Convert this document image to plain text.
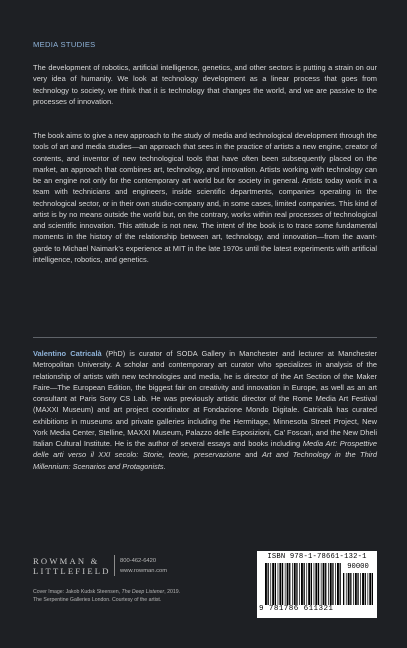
MEDIA STUDIES

The development of robotics, artificial intelligence, genetics, and other sectors is putting a strain on our very idea of humanity. We look at technology development as a linear process that goes from technology to society, we think that it is technology that changes the world, and we are passive to the processes of innovation.

The book aims to give a new approach to the study of media and technological development through the tools of art and media studies—an approach that sees in the practice of artists a new engine, creator of contents, and inventor of new technological tools that have often been subsequently placed on the market, an approach that combines art, technology, and innovation. Artists working with technology can be an engine not only for the contemporary art world but for society in general. Artists today work in a team with technicians and engineers, inside scientific departments, companies operating in the technological sector, or in their own studio-company and, in some cases, limited companies. This kind of artist is by no means outside the world but, on the contrary, works within real processes of technological and scientific innovation. This attitude is not new. The intent of the book is to trace some fundamental moments in the history of the relationship between art, technology, and innovation—from the avant-garde to Michael Naimark’s experience at MIT in the late 1970s until the latest experiments with artificial intelligence, robotics, and genetics.

Valentino Catricalà (PhD) is curator of SODA Gallery in Manchester and lecturer at Manchester Metropolitan University. A scholar and contemporary art curator who specializes in analysis of the relationship of artists with new technologies and media, he is director of the Art Section of the Maker Faire—The European Edition, the biggest fair on creativity and innovation in Europe, as well as an art consultant at Paris Sony CS Lab. He was previously artistic director of the Rome Media Art Festival (MAXXI Museum) and art project coordinator at Fondazione Mondo Digitale. Catricalà has curated exhibitions in museums and private galleries including the Hermitage, Minnesota Street Project, New York Media Center, Stelline, MAXXI Museum, Palazzo delle Esposizioni, Ca’ Foscari, and the New Dheli Italian Cultural Institute. He is the author of several essays and books including Media Art: Prospettive delle arti verso il XXI secolo: Storie, teorie, preservazione and Art and Technology in the Third Millennium: Scenarios and Protagonists.

ROWMAN &
LITTLEFIELD
800-462-6420
www.rowman.com
Cover Image: Jakob Kudsk Steensen, The Deep Listener, 2019.
The Serpentine Galleries London. Courtesy of the artist.
ISBN 978-1-78661-132-1
90000
9 781786 611321
